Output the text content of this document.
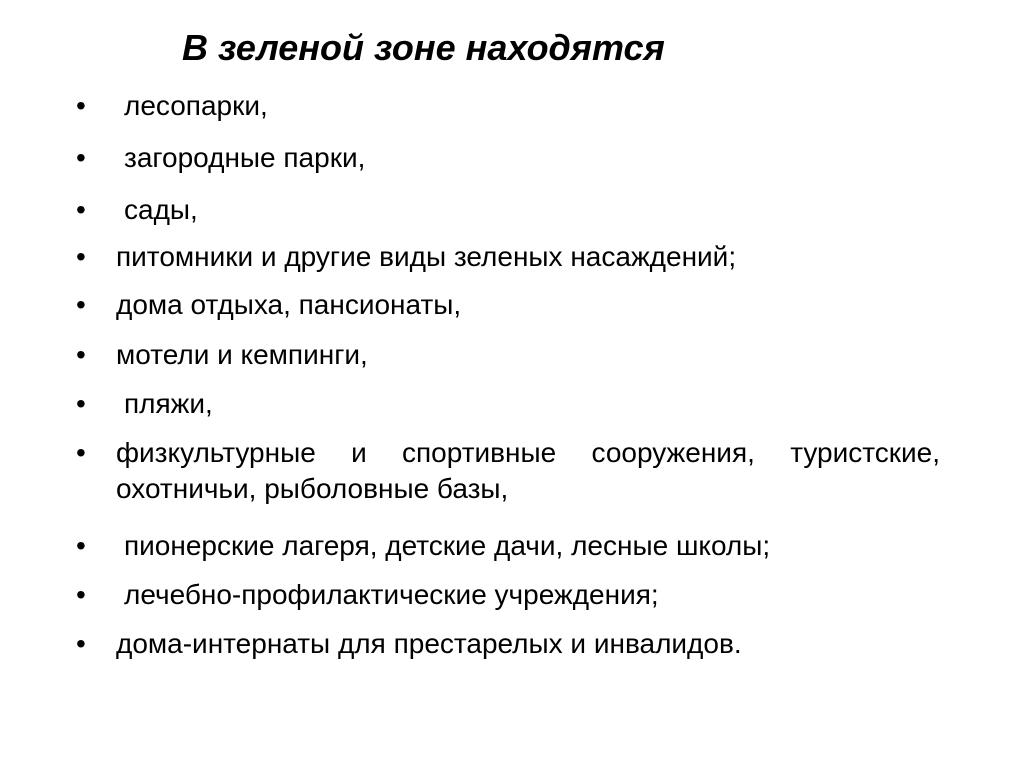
В зеленой зоне находятся
• лесопарки,
• загородные парки,
• сады,
• питомники и другие виды зеленых насаждений;
• дома отдыха, пансионаты,
• мотели и кемпинги,
• пляжи,
• физкультурные и спортивные сооружения, туристские, охотничьи, рыболовные базы,
• пионерские лагеря, детские дачи, лесные школы;
• лечебно-профилактические учреждения;
• дома-интернаты для престарелых и инвалидов.
